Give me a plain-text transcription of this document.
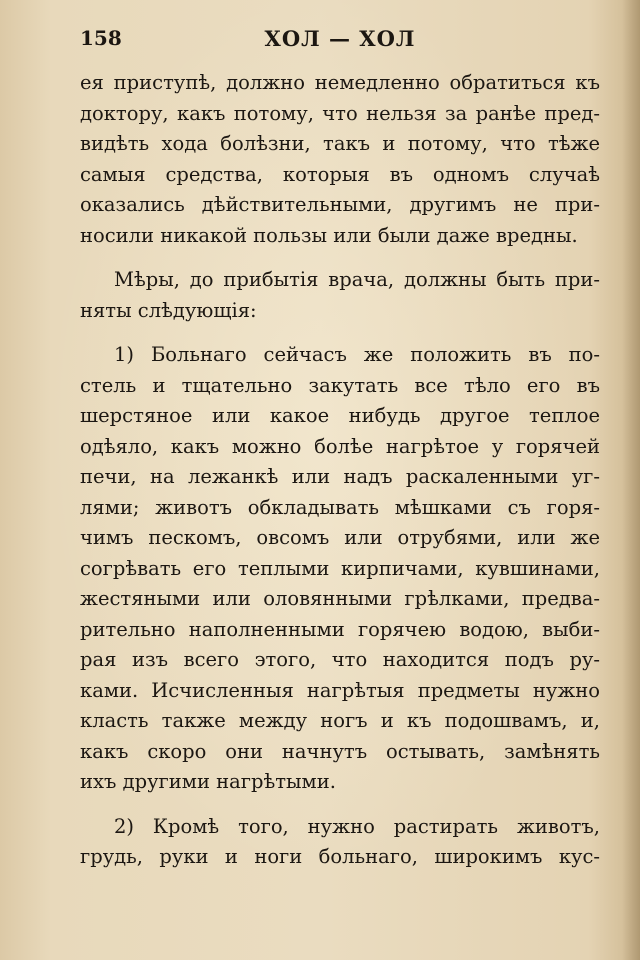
158	ХОЛ — ХОЛ
ея приступѣ, должно немедленно обратиться къ
доктору, какъ потому, что нельзя за ранѣе пред-
видѣть хода болѣзни, такъ и потому, что тѣже
самыя средства, которыя въ одномъ случаѣ
оказались дѣйствительными, другимъ не при-
носили никакой пользы или были даже вредны.
Мѣры, до прибытія врача, должны быть при-
няты слѣдующія:
1) Больнаго сейчасъ же положить въ по-
стель и тщательно закутать все тѣло его въ
шерстяное или какое нибудь другое теплое
одѣяло, какъ можно болѣе нагрѣтое у горячей
печи, на лежанкѣ или надъ раскаленными уг-
лями; животъ обкладывать мѣшками съ горя-
чимъ пескомъ, овсомъ или отрубями, или же
согрѣвать его теплыми кирпичами, кувшинами,
жестяными или оловянными грѣлками, предва-
рительно наполненными горячею водою, выби-
рая изъ всего этого, что находится подъ ру-
ками. Исчисленныя нагрѣтыя предметы нужно
класть также между ногъ и къ подошвамъ, и,
какъ скоро они начнутъ остывать, замѣнять
ихъ другими нагрѣтыми.
2) Кромѣ того, нужно растирать животъ,
грудь, руки и ноги больнаго, широкимъ кус-
